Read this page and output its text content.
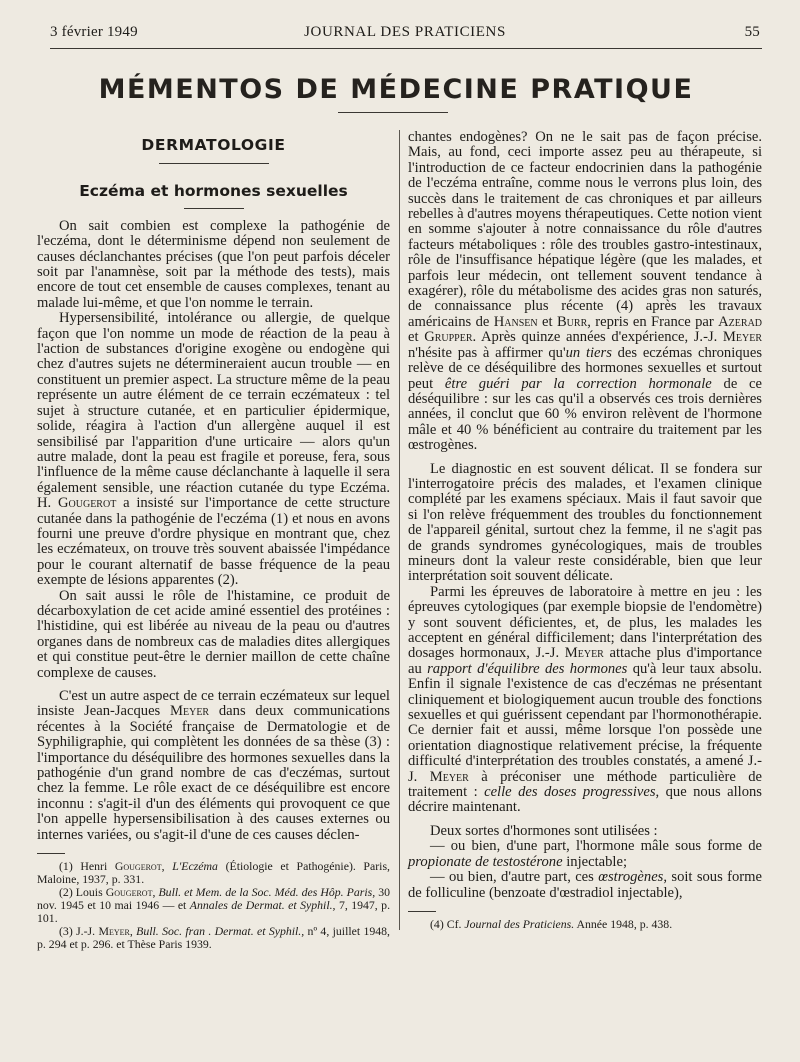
3 février 1949	JOURNAL DES PRATICIENS	55
MÉMENTOS DE MÉDECINE PRATIQUE
DERMATOLOGIE
Eczéma et hormones sexuelles

On sait combien est complexe la pathogénie de l'eczéma, dont le déterminisme dépend non seulement de causes déclanchantes précises (que l'on peut parfois déceler soit par l'anamnèse, soit par la méthode des tests), mais encore de tout cet ensemble de causes complexes, tenant au malade lui-même, et que l'on nomme le terrain.

Hypersensibilité, intolérance ou allergie, de quelque façon que l'on nomme un mode de réaction de la peau à l'action de substances d'origine exogène ou endogène qui chez d'autres sujets ne détermineraient aucun trouble — en constituent un premier aspect. La structure même de la peau représente un autre élément de ce terrain eczémateux : tel sujet à structure cutanée, et en particulier épidermique, solide, réagira à l'action d'un allergène auquel il est sensibilisé par l'apparition d'une urticaire — alors qu'un autre malade, dont la peau est fragile et poreuse, fera, sous l'influence de la même cause déclanchante à laquelle il sera également sensible, une réaction cutanée du type Eczéma. H. Gougerot a insisté sur l'importance de cette structure cutanée dans la pathogénie de l'eczéma (1) et nous en avons fourni une preuve d'ordre physique en montrant que, chez les eczémateux, on trouve très souvent abaissée l'impédance pour le courant alternatif de basse fréquence de la peau exempte de lésions apparentes (2).

On sait aussi le rôle de l'histamine, ce produit de décarboxylation de cet acide aminé essentiel des protéines : l'histidine, qui est libérée au niveau de la peau ou d'autres organes dans de nombreux cas de maladies dites allergiques et qui constitue peut-être le dernier maillon de cette chaîne complexe de causes.

C'est un autre aspect de ce terrain eczémateux sur lequel insiste Jean-Jacques Meyer dans deux communications récentes à la Société française de Dermatologie et de Syphiligraphie, qui complètent les données de sa thèse (3) : l'importance du déséquilibre des hormones sexuelles dans la pathogénie d'un grand nombre de cas d'eczémas, surtout chez la femme. Le rôle exact de ce déséquilibre est encore inconnu : s'agit-il d'un des éléments qui provoquent ce que l'on appelle hypersensibilisation à des causes externes ou internes variées, ou s'agit-il d'une de ces causes déclen-

(1) Henri Gougerot, L'Eczéma (Étiologie et Pathogénie). Paris, Maloine, 1937, p. 331.

(2) Louis Gougerot, Bull. et Mem. de la Soc. Méd. des Hôp. Paris, 30 nov. 1945 et 10 mai 1946 — et Annales de Dermat. et Syphil., 7, 1947, p. 101.

(3) J.-J. Meyer, Bull. Soc. fran . Dermat. et Syphil., nº 4, juillet 1948, p. 294 et p. 296. et Thèse Paris 1939.

chantes endogènes? On ne le sait pas de façon précise. Mais, au fond, ceci importe assez peu au thérapeute, si l'introduction de ce facteur endocrinien dans la pathogénie de l'eczéma entraîne, comme nous le verrons plus loin, des succès dans le traitement de cas chroniques et par ailleurs rebelles à d'autres moyens thérapeutiques. Cette notion vient en somme s'ajouter à notre connaissance du rôle d'autres facteurs métaboliques : rôle des troubles gastro-intestinaux, rôle de l'insuffisance hépatique légère (que les malades, et parfois leur médecin, ont tellement souvent tendance à exagérer), rôle du métabolisme des acides gras non saturés, de connaissance plus récente (4) après les travaux américains de Hansen et Burr, repris en France par Azerad et Grupper. Après quinze années d'expérience, J.-J. Meyer n'hésite pas à affirmer qu'un tiers des eczémas chroniques relève de ce déséquilibre des hormones sexuelles et surtout peut être guéri par la correction hormonale de ce déséquilibre : sur les cas qu'il a observés ces trois dernières années, il conclut que 60 % environ relèvent de l'hormone mâle et 40 % bénéficient au contraire du traitement par les œstrogènes.

Le diagnostic en est souvent délicat. Il se fondera sur l'interrogatoire précis des malades, et l'examen clinique complété par les examens spéciaux. Mais il faut savoir que si l'on relève fréquemment des troubles du fonctionnement de l'appareil génital, surtout chez la femme, il ne s'agit pas de grands syndromes gynécologiques, mais de troubles mineurs dont la valeur reste considérable, bien que leur interprétation soit souvent délicate.

Parmi les épreuves de laboratoire à mettre en jeu : les épreuves cytologiques (par exemple biopsie de l'endomètre) y sont souvent déficientes, et, de plus, les malades les acceptent en général difficilement; dans l'interprétation des dosages hormonaux, J.-J. Meyer attache plus d'importance au rapport d'équilibre des hormones qu'à leur taux absolu. Enfin il signale l'existence de cas d'eczémas ne présentant cliniquement et biologiquement aucun trouble des fonctions sexuelles et qui guérissent cependant par l'hormonothérapie. Ce dernier fait et aussi, même lorsque l'on possède une orientation diagnostique relativement précise, la fréquente difficulté d'interprétation des troubles constatés, a amené J.-J. Meyer à préconiser une méthode particulière de traitement : celle des doses progressives, que nous allons décrire maintenant.

Deux sortes d'hormones sont utilisées :

— ou bien, d'une part, l'hormone mâle sous forme de propionate de testostérone injectable;

— ou bien, d'autre part, ces œstrogènes, soit sous forme de folliculine (benzoate d'œstradiol injectable),

(4) Cf. Journal des Praticiens. Année 1948, p. 438.
